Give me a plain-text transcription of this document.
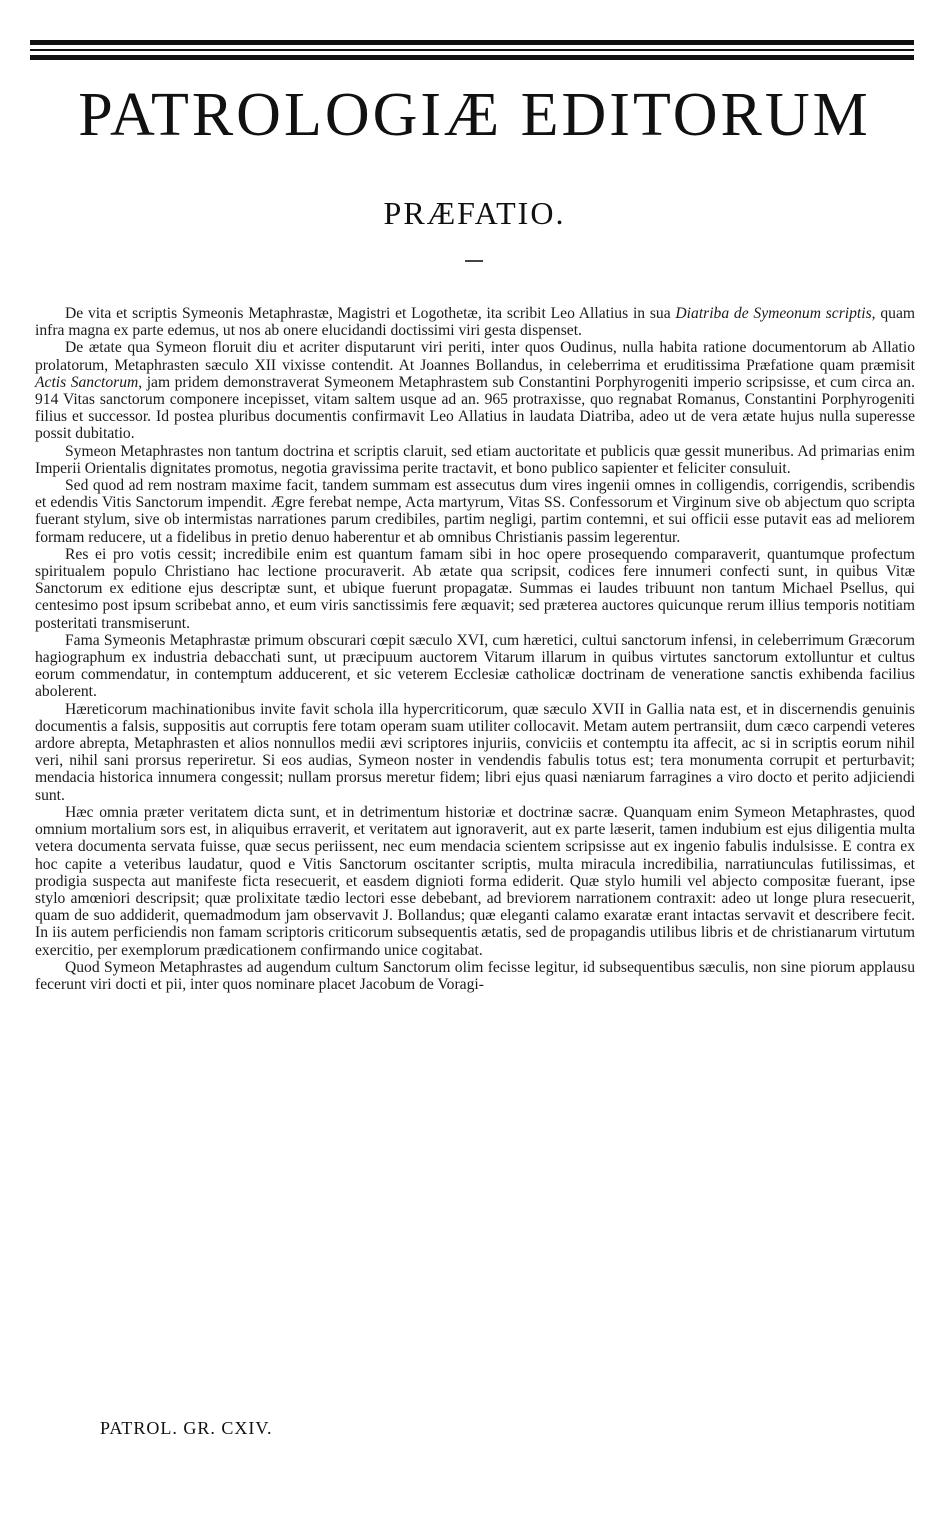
PATROLOGIÆ EDITORUM
PRÆFATIO.

De vita et scriptis Symeonis Metaphrastæ, Magistri et Logothetæ, ita scribit Leo Allatius in sua Diatriba de Symeonum scriptis, quam infra magna ex parte edemus, ut nos ab onere elucidandi doctissimi viri gesta dispenset.

De ætate qua Symeon floruit diu et acriter disputarunt viri periti, inter quos Oudinus, nulla habita ratione documentorum ab Allatio prolatorum, Metaphrasten sæculo XII vixisse contendit. At Joannes Bollandus, in celeberrima et eruditissima Præfatione quam præmisit Actis Sanctorum, jam pridem demonstraverat Symeonem Metaphrastem sub Constantini Porphyrogeniti imperio scripsisse, et cum circa an. 914 Vitas sanctorum componere incepisset, vitam saltem usque ad an. 965 protraxisse, quo regnabat Romanus, Constantini Porphyrogeniti filius et successor. Id postea pluribus documentis confirmavit Leo Allatius in laudata Diatriba, adeo ut de vera ætate hujus nulla superesse possit dubitatio.

Symeon Metaphrastes non tantum doctrina et scriptis claruit, sed etiam auctoritate et publicis quæ gessit muneribus. Ad primarias enim Imperii Orientalis dignitates promotus, negotia gravissima perite tractavit, et bono publico sapienter et feliciter consuluit.

Sed quod ad rem nostram maxime facit, tandem summam est assecutus dum vires ingenii omnes in colligendis, corrigendis, scribendis et edendis Vitis Sanctorum impendit. Ægre ferebat nempe, Acta martyrum, Vitas SS. Confessorum et Virginum sive ob abjectum quo scripta fuerant stylum, sive ob intermistas narrationes parum credibiles, partim negligi, partim contemni, et sui officii esse putavit eas ad meliorem formam reducere, ut a fidelibus in pretio denuo haberentur et ab omnibus Christianis passim legerentur.

Res ei pro votis cessit; incredibile enim est quantum famam sibi in hoc opere prosequendo comparaverit, quantumque profectum spiritualem populo Christiano hac lectione procuraverit. Ab ætate qua scripsit, codices fere innumeri confecti sunt, in quibus Vitæ Sanctorum ex editione ejus descriptæ sunt, et ubique fuerunt propagatæ. Summas ei laudes tribuunt non tantum Michael Psellus, qui centesimo post ipsum scribebat anno, et eum viris sanctissimis fere æquavit; sed præterea auctores quicunque rerum illius temporis notitiam posteritati transmiserunt.

Fama Symeonis Metaphrastæ primum obscurari cœpit sæculo XVI, cum hæretici, cultui sanctorum infensi, in celeberrimum Græcorum hagiographum ex industria debacchati sunt, ut præcipuum auctorem Vitarum illarum in quibus virtutes sanctorum extolluntur et cultus eorum commendatur, in contemptum adducerent, et sic veterem Ecclesiæ catholicæ doctrinam de veneratione sanctis exhibenda facilius abolerent.

Hæreticorum machinationibus invite favit schola illa hypercriticorum, quæ sæculo XVII in Gallia nata est, et in discernendis genuinis documentis a falsis, suppositis aut corruptis fere totam operam suam utiliter collocavit. Metam autem pertransiit, dum cæco carpendi veteres ardore abrepta, Metaphrasten et alios nonnullos medii ævi scriptores injuriis, conviciis et contemptu ita affecit, ac si in scriptis eorum nihil veri, nihil sani prorsus reperiretur. Si eos audias, Symeon noster in vendendis fabulis totus est; tera monumenta corrupit et perturbavit; mendacia historica innumera congessit; nullam prorsus meretur fidem; libri ejus quasi næniarum farragines a viro docto et perito adjiciendi sunt.

Hæc omnia præter veritatem dicta sunt, et in detrimentum historiæ et doctrinæ sacræ. Quanquam enim Symeon Metaphrastes, quod omnium mortalium sors est, in aliquibus erraverit, et veritatem aut ignoraverit, aut ex parte læserit, tamen indubium est ejus diligentia multa vetera documenta servata fuisse, quæ secus periissent, nec eum mendacia scientem scripsisse aut ex ingenio fabulis indulsisse. E contra ex hoc capite a veteribus laudatur, quod e Vitis Sanctorum oscitanter scriptis, multa miracula incredibilia, narratiunculas futilissimas, et prodigia suspecta aut manifeste ficta resecuerit, et easdem dignioti forma ediderit. Quæ stylo humili vel abjecto compositæ fuerant, ipse stylo amœniori descripsit; quæ prolixitate tædio lectori esse debebant, ad breviorem narrationem contraxit: adeo ut longe plura resecuerit, quam de suo addiderit, quemadmodum jam observavit J. Bollandus; quæ eleganti calamo exaratæ erant intactas servavit et describere fecit. In iis autem perficiendis non famam scriptoris criticorum subsequentis ætatis, sed de propagandis utilibus libris et de christianarum virtutum exercitio, per exemplorum prædicationem confirmando unice cogitabat.

Quod Symeon Metaphrastes ad augendum cultum Sanctorum olim fecisse legitur, id subsequentibus sæculis, non sine piorum applausu fecerunt viri docti et pii, inter quos nominare placet Jacobum de Voragi-

PATROL. GR. CXIV.
